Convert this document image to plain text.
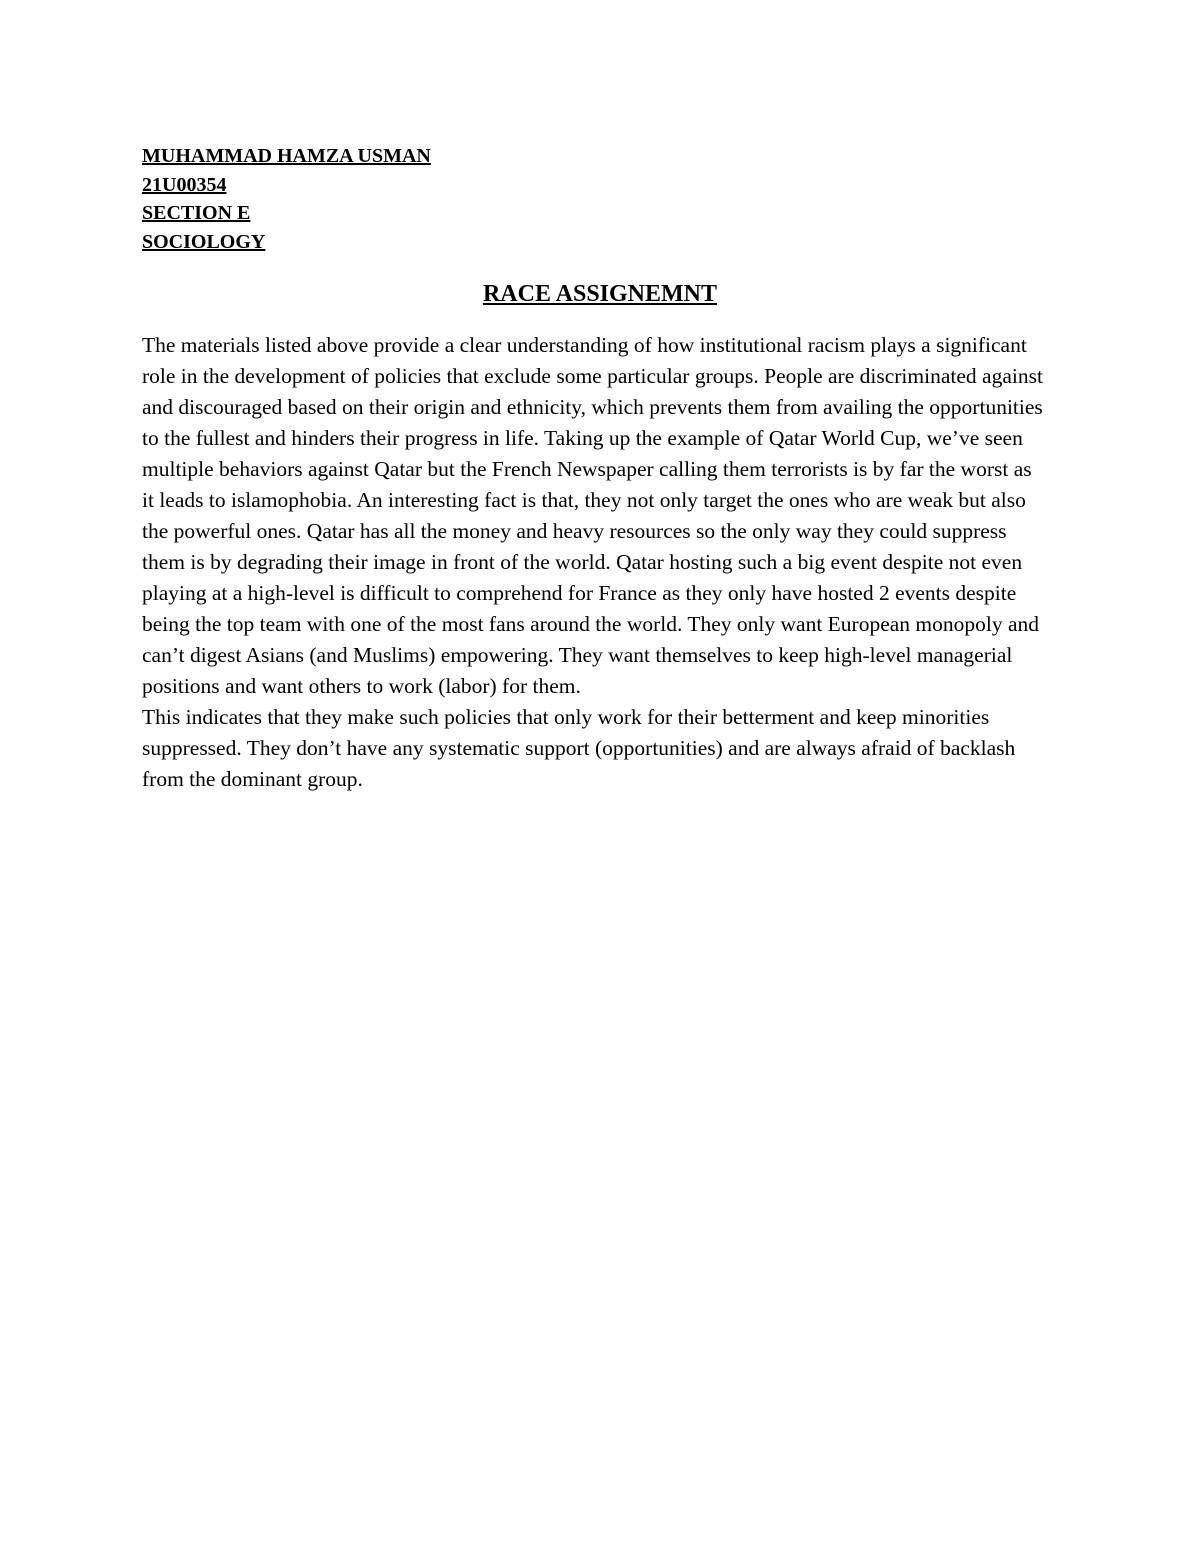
MUHAMMAD HAMZA USMAN
21U00354
SECTION E
SOCIOLOGY
RACE ASSIGNEMNT

The materials listed above provide a clear understanding of how institutional racism plays a significant role in the development of policies that exclude some particular groups. People are discriminated against and discouraged based on their origin and ethnicity, which prevents them from availing the opportunities to the fullest and hinders their progress in life. Taking up the example of Qatar World Cup, we’ve seen multiple behaviors against Qatar but the French Newspaper calling them terrorists is by far the worst as it leads to islamophobia. An interesting fact is that, they not only target the ones who are weak but also the powerful ones. Qatar has all the money and heavy resources so the only way they could suppress them is by degrading their image in front of the world. Qatar hosting such a big event despite not even playing at a high-level is difficult to comprehend for France as they only have hosted 2 events despite being the top team with one of the most fans around the world. They only want European monopoly and can’t digest Asians (and Muslims) empowering. They want themselves to keep high-level managerial positions and want others to work (labor) for them.

This indicates that they make such policies that only work for their betterment and keep minorities suppressed. They don’t have any systematic support (opportunities) and are always afraid of backlash from the dominant group.
